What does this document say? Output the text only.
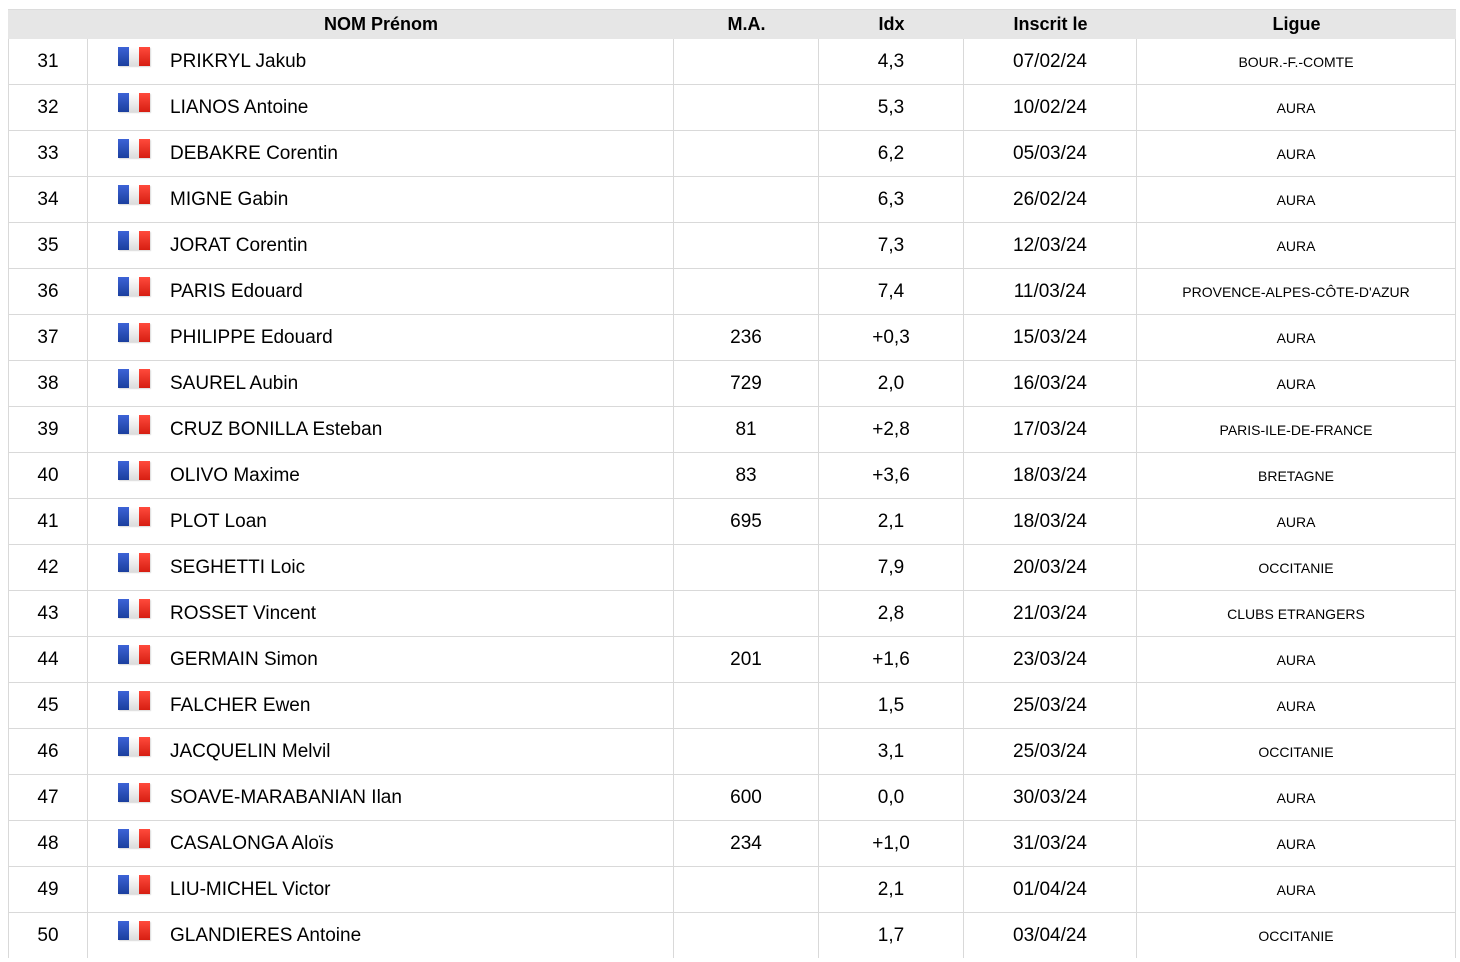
	NOM Prénom		M.A.	Idx	Inscrit le	Ligue
31		PRIKRYL Jakub		4,3	07/02/24	BOUR.-F.-COMTE
32		LIANOS Antoine		5,3	10/02/24	AURA
33		DEBAKRE Corentin		6,2	05/03/24	AURA
34		MIGNE Gabin		6,3	26/02/24	AURA
35		JORAT Corentin		7,3	12/03/24	AURA
36		PARIS Edouard		7,4	11/03/24	PROVENCE-ALPES-CÔTE-D'AZUR
37		PHILIPPE Edouard	236	+0,3	15/03/24	AURA
38		SAUREL Aubin	729	2,0	16/03/24	AURA
39		CRUZ BONILLA Esteban	81	+2,8	17/03/24	PARIS-ILE-DE-FRANCE
40		OLIVO Maxime	83	+3,6	18/03/24	BRETAGNE
41		PLOT Loan	695	2,1	18/03/24	AURA
42		SEGHETTI Loic		7,9	20/03/24	OCCITANIE
43		ROSSET Vincent		2,8	21/03/24	CLUBS ETRANGERS
44		GERMAIN Simon	201	+1,6	23/03/24	AURA
45		FALCHER Ewen		1,5	25/03/24	AURA
46		JACQUELIN Melvil		3,1	25/03/24	OCCITANIE
47		SOAVE-MARABANIAN Ilan	600	0,0	30/03/24	AURA
48		CASALONGA Aloïs	234	+1,0	31/03/24	AURA
49		LIU-MICHEL Victor		2,1	01/04/24	AURA
50		GLANDIERES Antoine		1,7	03/04/24	OCCITANIE
